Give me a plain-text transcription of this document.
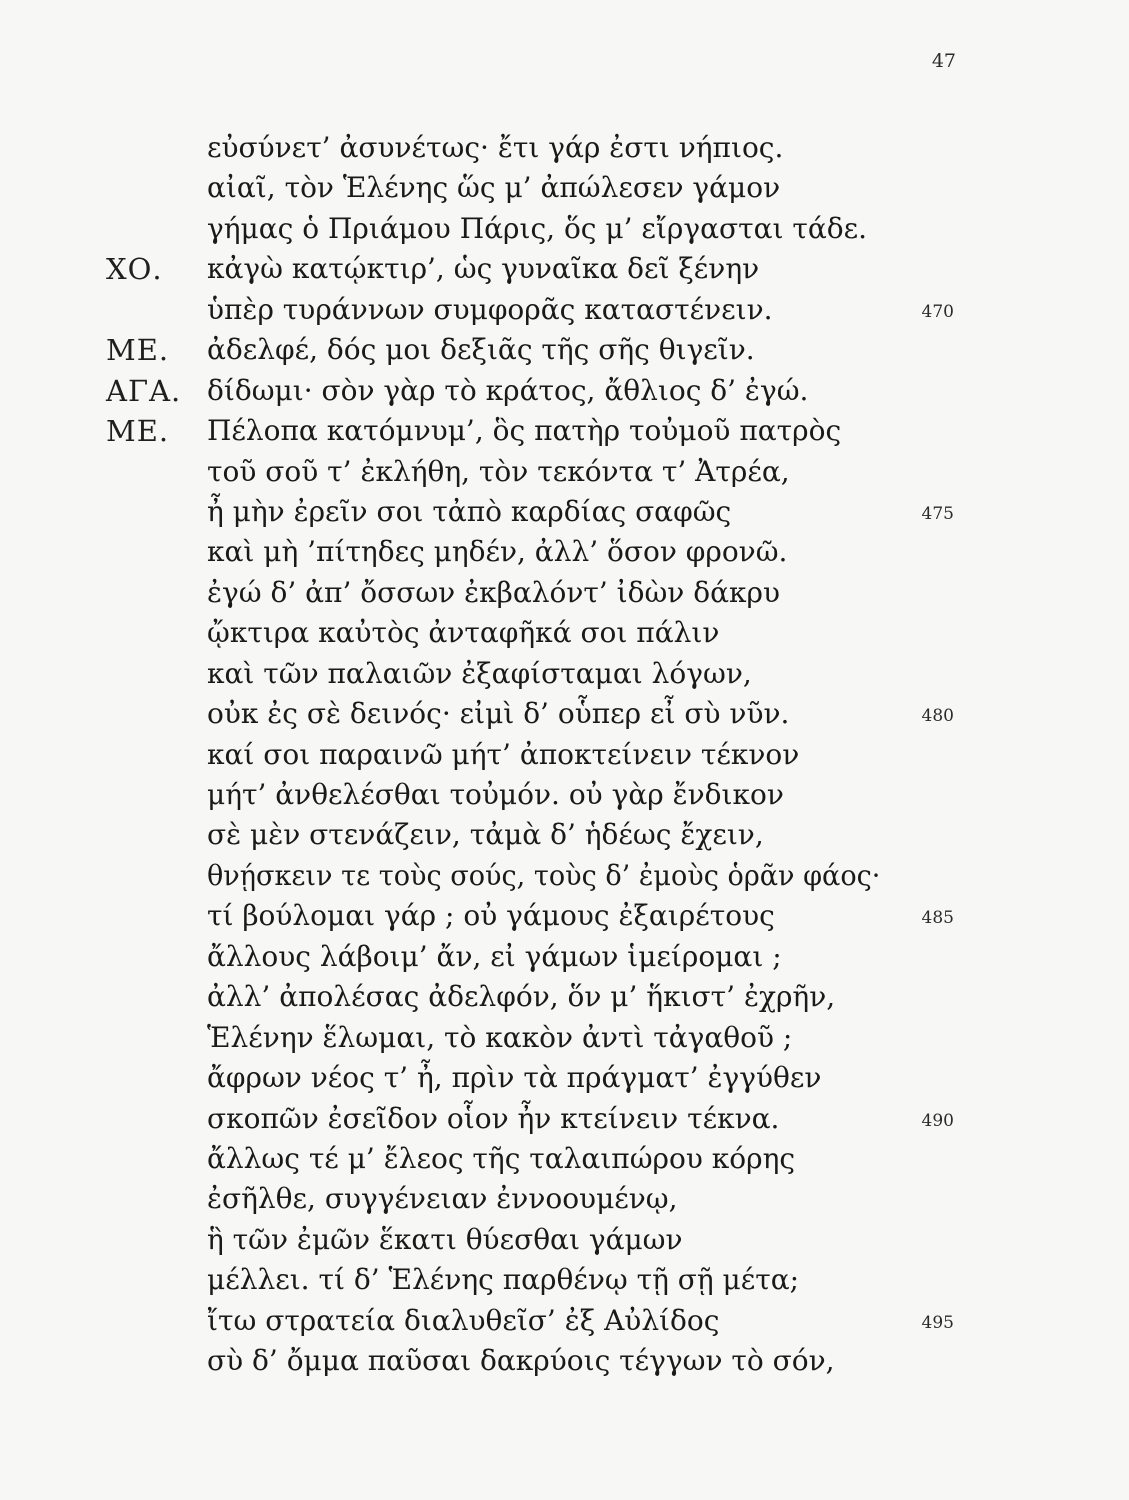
47
εὐσύνετ’ ἀσυνέτως· ἔτι γάρ ἐστι νήπιος.
αἰαῖ, τὸν Ἑλένης ὥς μ’ ἀπώλεσεν γάμον
γήμας ὁ Πριάμου Πάρις, ὅς μ’ εἴργασται τάδε.
ΧΟ. κἀγὼ κατῴκτιρ’, ὡς γυναῖκα δεῖ ξένην
ὑπὲρ τυράννων συμφορᾶς καταστένειν.	470
ΜΕ. ἀδελφέ, δός μοι δεξιᾶς τῆς σῆς θιγεῖν.
ΑΓΑ. δίδωμι· σὸν γὰρ τὸ κράτος, ἄθλιος δ’ ἐγώ.
ΜΕ. Πέλοπα κατόμνυμ’, ὃς πατὴρ τοὐμοῦ πατρὸς
τοῦ σοῦ τ’ ἐκλήθη, τὸν τεκόντα τ’ Ἀτρέα,
ἦ μὴν ἐρεῖν σοι τἀπὸ καρδίας σαφῶς	475
καὶ μὴ ’πίτηδες μηδέν, ἀλλ’ ὅσον φρονῶ.
ἐγώ δ’ ἀπ’ ὄσσων ἐκβαλόντ’ ἰδὼν δάκρυ
ᾤκτιρα καὐτὸς ἀνταφῆκά σοι πάλιν
καὶ τῶν παλαιῶν ἐξαφίσταμαι λόγων,
οὐκ ἐς σὲ δεινός· εἰμὶ δ’ οὗπερ εἶ σὺ νῦν.	480
καί σοι παραινῶ μήτ’ ἀποκτείνειν τέκνον
μήτ’ ἀνθελέσθαι τοὐμόν. οὐ γὰρ ἔνδικον
σὲ μὲν στενάζειν, τἀμὰ δ’ ἡδέως ἔχειν,
θνῄσκειν τε τοὺς σούς, τοὺς δ’ ἐμοὺς ὁρᾶν φάος·
τί βούλομαι γάρ ; οὐ γάμους ἐξαιρέτους	485
ἄλλους λάβοιμ’ ἄν, εἰ γάμων ἱμείρομαι ;
ἀλλ’ ἀπολέσας ἀδελφόν, ὅν μ’ ἥκιστ’ ἐχρῆν,
Ἑλένην ἕλωμαι, τὸ κακὸν ἀντὶ τἀγαθοῦ ;
ἄφρων νέος τ’ ἦ, πρὶν τὰ πράγματ’ ἐγγύθεν
σκοπῶν ἐσεῖδον οἷον ἦν κτείνειν τέκνα.	490
ἄλλως τέ μ’ ἔλεος τῆς ταλαιπώρου κόρης
ἐσῆλθε, συγγένειαν ἐννοουμένῳ,
ἣ τῶν ἐμῶν ἕκατι θύεσθαι γάμων
μέλλει. τί δ’ Ἑλένης παρθένῳ τῇ σῇ μέτα;
ἴτω στρατεία διαλυθεῖσ’ ἐξ Αὐλίδος	495
σὺ δ’ ὄμμα παῦσαι δακρύοις τέγγων τὸ σόν,
